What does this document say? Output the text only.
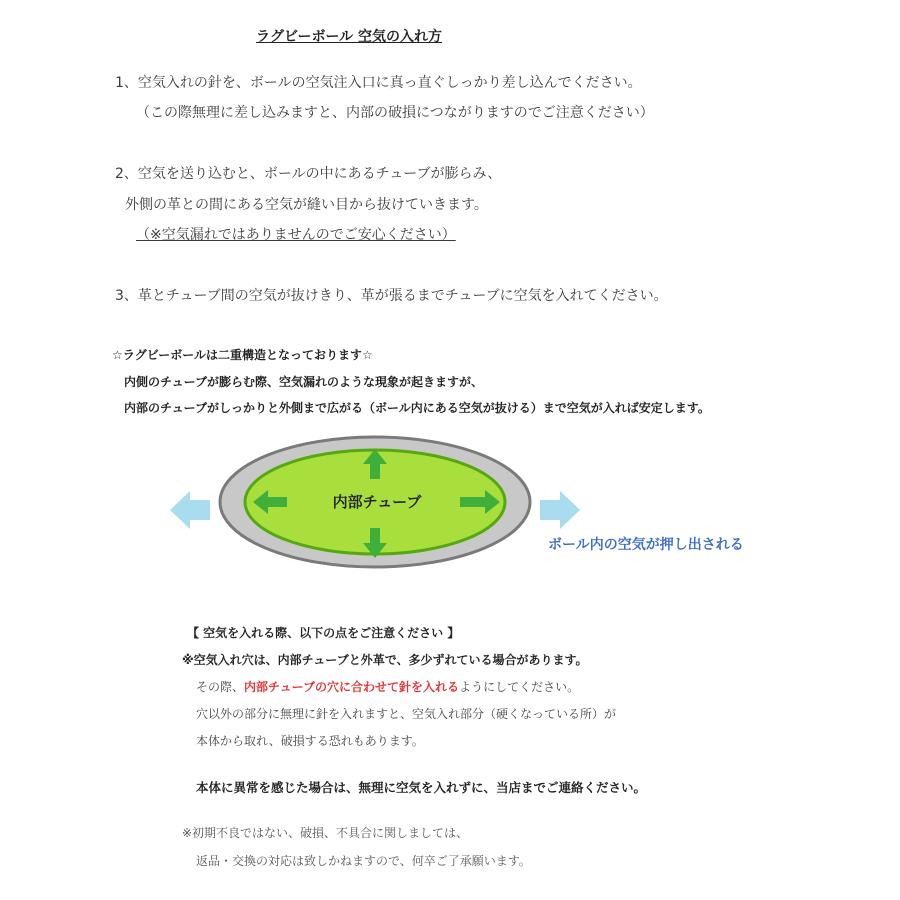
ラグビーボール 空気の入れ方
1、空気入れの針を、ボールの空気注入口に真っ直ぐしっかり差し込んでください。
（この際無理に差し込みますと、内部の破損につながりますのでご注意ください）
2、空気を送り込むと、ボールの中にあるチューブが膨らみ、
外側の革との間にある空気が縫い目から抜けていきます。
（※空気漏れではありませんのでご安心ください）
3、革とチューブ間の空気が抜けきり、革が張るまでチューブに空気を入れてください。
☆ラグビーボールは二重構造となっております☆
内側のチューブが膨らむ際、空気漏れのような現象が起きますが、
内部のチューブがしっかりと外側まで広がる（ボール内にある空気が抜ける）まで空気が入れば安定します。
内部チューブ
ボール内の空気が押し出される
【 空気を入れる際、以下の点をご注意ください 】
※空気入れ穴は、内部チューブと外革で、多少ずれている場合があります。
その際、内部チューブの穴に合わせて針を入れるようにしてください。
穴以外の部分に無理に針を入れますと、空気入れ部分（硬くなっている所）が
本体から取れ、破損する恐れもあります。
本体に異常を感じた場合は、無理に空気を入れずに、当店までご連絡ください。
※初期不良ではない、破損、不具合に関しましては、
返品・交換の対応は致しかねますので、何卒ご了承願います。
